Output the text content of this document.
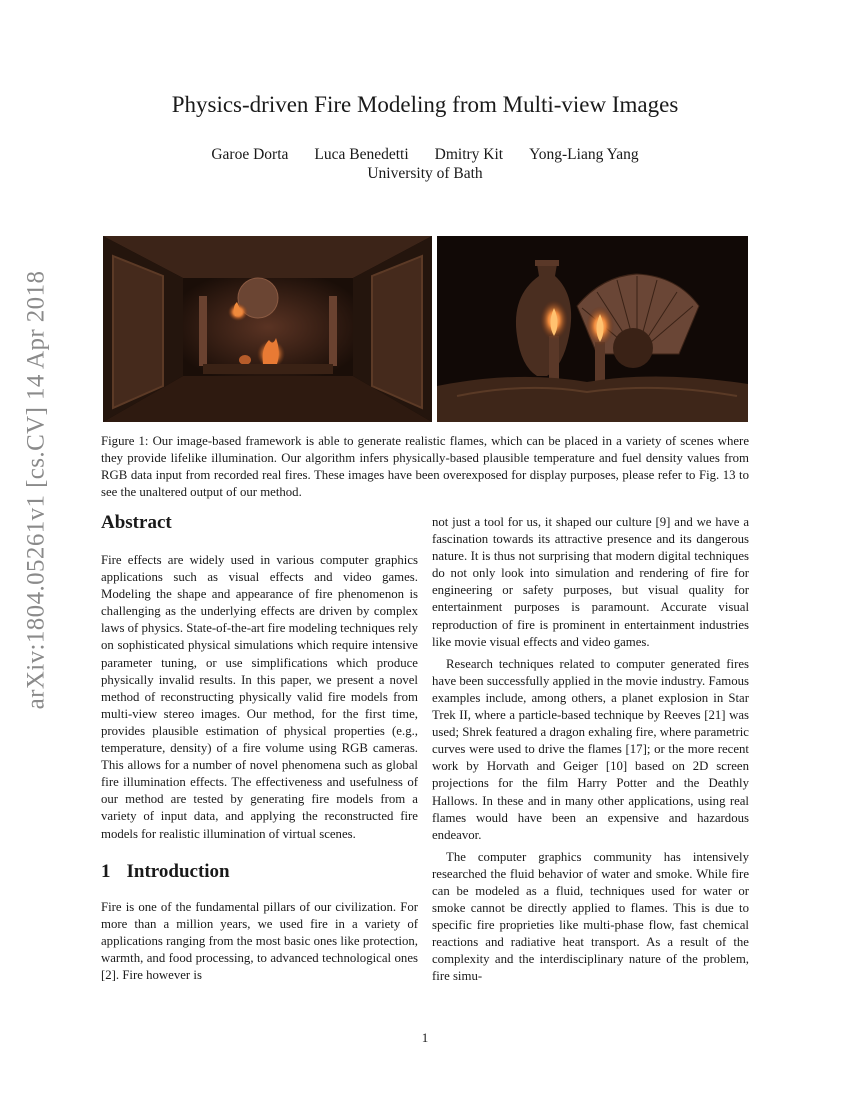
arXiv:1804.05261v1 [cs.CV] 14 Apr 2018
Physics-driven Fire Modeling from Multi-view Images
Garoe Dorta Luca Benedetti Dmitry Kit Yong-Liang Yang
University of Bath
Figure 1: Our image-based framework is able to generate realistic flames, which can be placed in a variety of scenes where they provide lifelike illumination. Our algorithm infers physically-based plausible temperature and fuel density values from RGB data input from recorded real fires. These images have been overexposed for display purposes, please refer to Fig. 13 to see the unaltered output of our method.
Abstract

Fire effects are widely used in various computer graphics applications such as visual effects and video games. Modeling the shape and appearance of fire phenomenon is challenging as the underlying effects are driven by complex laws of physics. State-of-the-art fire modeling techniques rely on sophisticated physical simulations which require intensive parameter tuning, or use simplifications which produce physically invalid results. In this paper, we present a novel method of reconstructing physically valid fire models from multi-view stereo images. Our method, for the first time, provides plausible estimation of physical properties (e.g., temperature, density) of a fire volume using RGB cameras. This allows for a number of novel phenomena such as global fire illumination effects. The effectiveness and usefulness of our method are tested by generating fire models from a variety of input data, and applying the reconstructed fire models for realistic illumination of virtual scenes.

1 Introduction

Fire is one of the fundamental pillars of our civilization. For more than a million years, we used fire in a variety of applications ranging from the most basic ones like protection, warmth, and food processing, to advanced technological ones [2]. Fire however is

not just a tool for us, it shaped our culture [9] and we have a fascination towards its attractive presence and its dangerous nature. It is thus not surprising that modern digital techniques do not only look into simulation and rendering of fire for engineering or safety purposes, but visual quality for entertainment purposes is paramount. Accurate visual reproduction of fire is prominent in entertainment industries like movie visual effects and video games.

Research techniques related to computer generated fires have been successfully applied in the movie industry. Famous examples include, among others, a planet explosion in Star Trek II, where a particle-based technique by Reeves [21] was used; Shrek featured a dragon exhaling fire, where parametric curves were used to drive the flames [17]; or the more recent work by Horvath and Geiger [10] based on 2D screen projections for the film Harry Potter and the Deathly Hallows. In these and in many other applications, using real flames would have been an expensive and hazardous endeavor.

The computer graphics community has intensively researched the fluid behavior of water and smoke. While fire can be modeled as a fluid, techniques used for water or smoke cannot be directly applied to flames. This is due to specific fire proprieties like multi-phase flow, fast chemical reactions and radiative heat transport. As a result of the complexity and the interdisciplinary nature of the problem, fire simu-

1
